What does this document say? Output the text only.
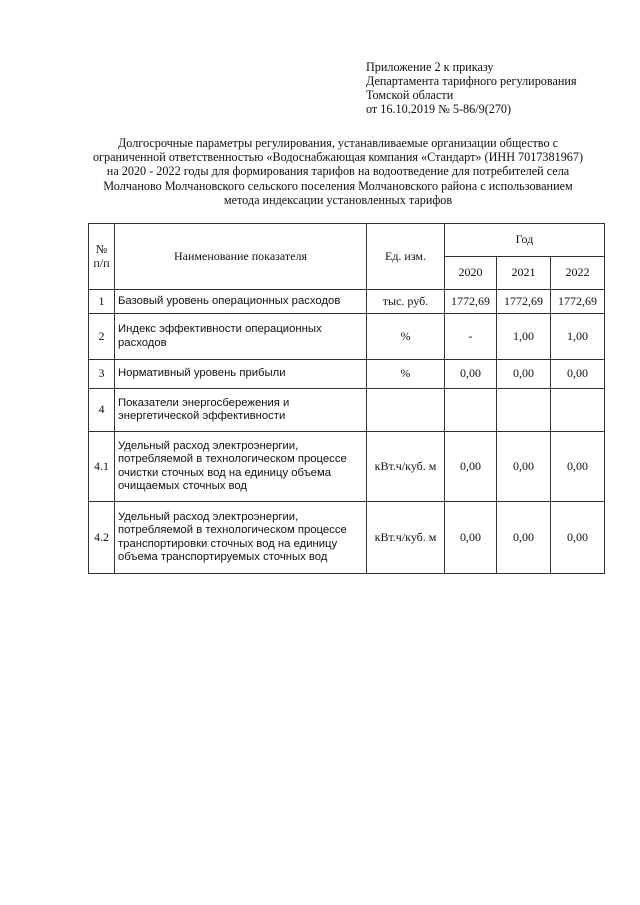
Приложение 2 к приказу
Департамента тарифного регулирования
Томской области
от 16.10.2019 № 5-86/9(270)
Долгосрочные параметры регулирования, устанавливаемые организации общество с ограниченной ответственностью «Водоснабжающая компания «Стандарт» (ИНН 7017381967) на 2020 - 2022 годы для формирования тарифов на водоотведение для потребителей села Молчаново Молчановского сельского поселения Молчановского района с использованием метода индексации установленных тарифов
№ п/п	Наименование показателя	Ед. изм.	Год		
			2020	2021	2022
1	Базовый уровень операционных расходов	тыс. руб.	1772,69	1772,69	1772,69
2	Индекс эффективности операционных расходов	%	-	1,00	1,00
3	Нормативный уровень прибыли	%	0,00	0,00	0,00
4	Показатели энергосбережения и энергетической эффективности				
4.1	Удельный расход электроэнергии, потребляемой в технологическом процессе очистки сточных вод на единицу объема очищаемых сточных вод	кВт.ч/куб. м	0,00	0,00	0,00
4.2	Удельный расход электроэнергии, потребляемой в технологическом процессе транспортировки сточных вод на единицу объема транспортируемых сточных вод	кВт.ч/куб. м	0,00	0,00	0,00
